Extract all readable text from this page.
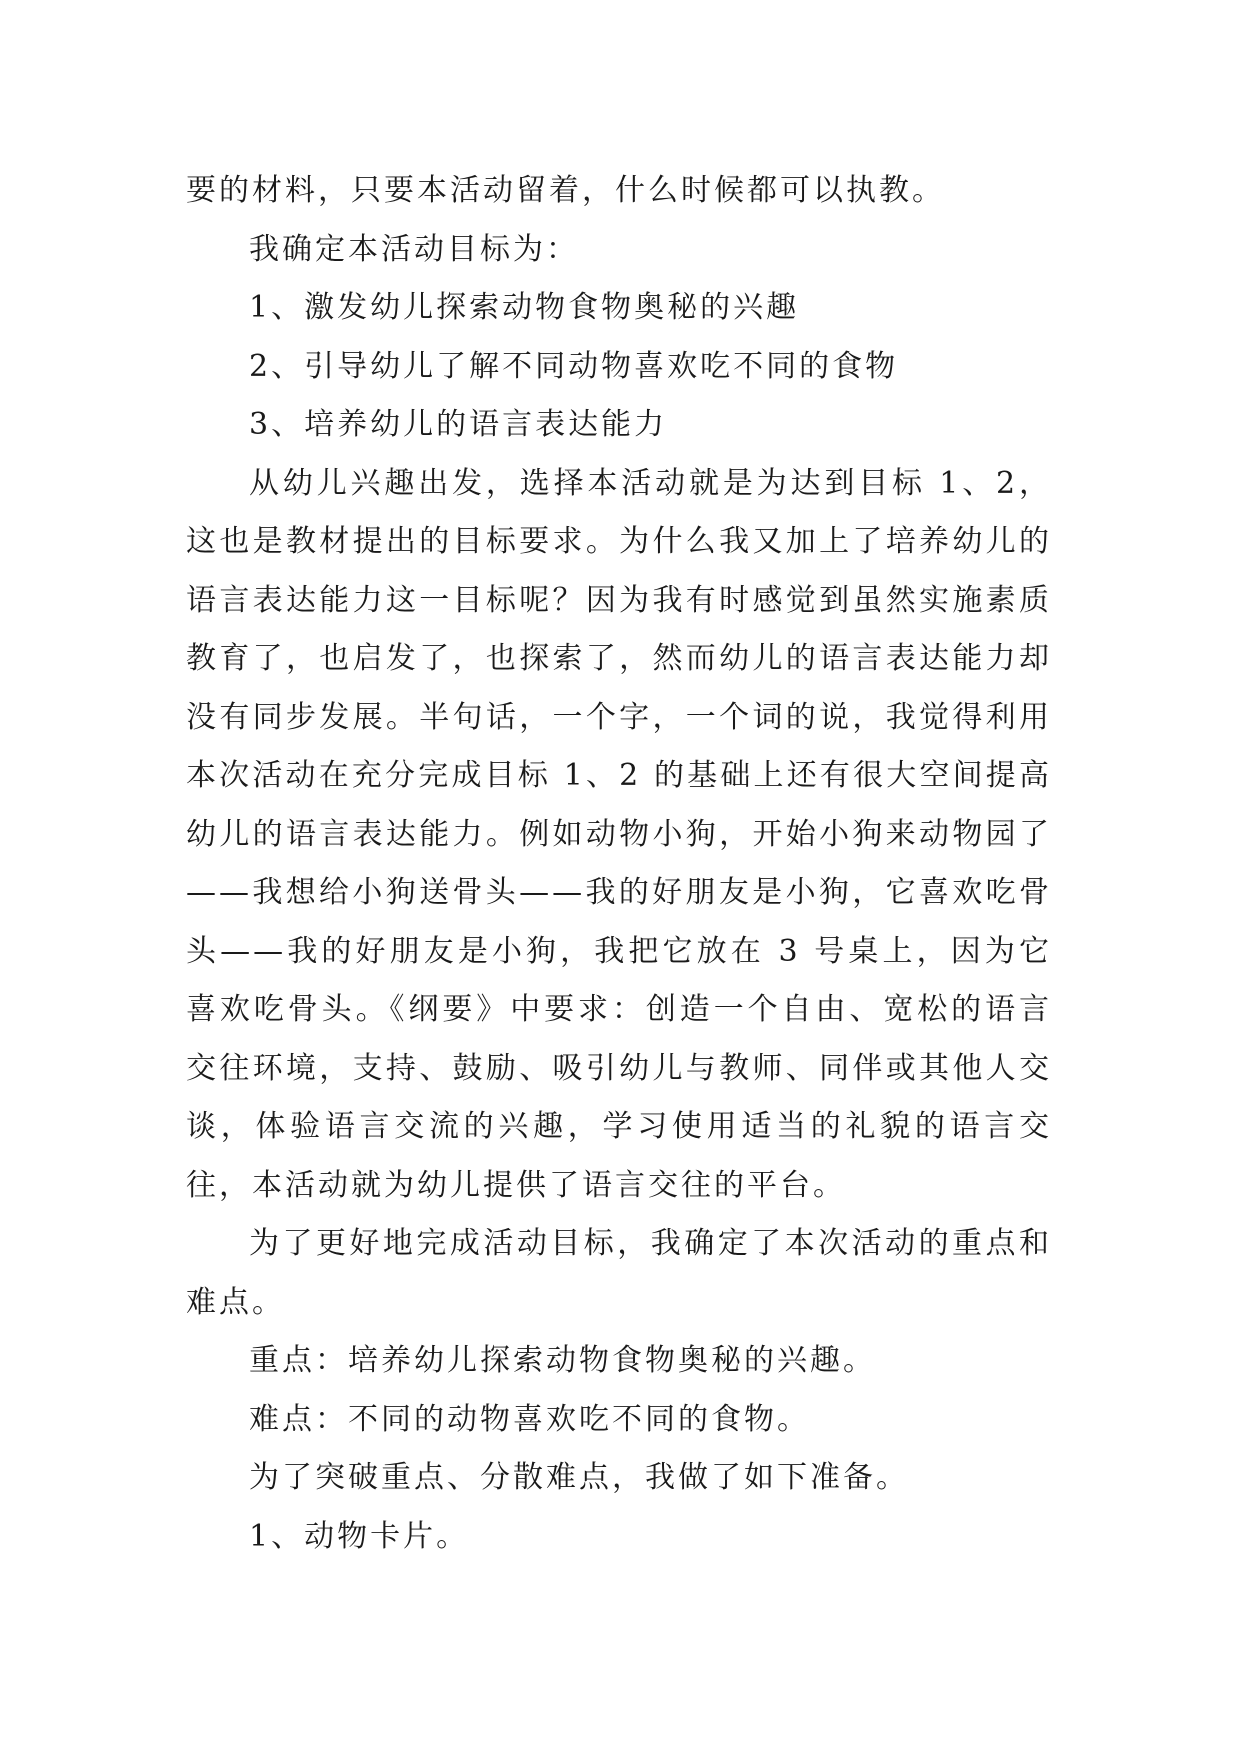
要的材料，只要本活动留着，什么时候都可以执教。

我确定本活动目标为：

1、激发幼儿探索动物食物奥秘的兴趣

2、引导幼儿了解不同动物喜欢吃不同的食物

3、培养幼儿的语言表达能力

从幼儿兴趣出发，选择本活动就是为达到目标 1、2，这也是教材提出的目标要求。为什么我又加上了培养幼儿的语言表达能力这一目标呢？因为我有时感觉到虽然实施素质教育了，也启发了，也探索了，然而幼儿的语言表达能力却没有同步发展。半句话，一个字，一个词的说，我觉得利用本次活动在充分完成目标 1、2 的基础上还有很大空间提高幼儿的语言表达能力。例如动物小狗，开始小狗来动物园了——我想给小狗送骨头——我的好朋友是小狗，它喜欢吃骨头——我的好朋友是小狗，我把它放在 3 号桌上，因为它喜欢吃骨头。《纲要》中要求：创造一个自由、宽松的语言交往环境，支持、鼓励、吸引幼儿与教师、同伴或其他人交谈，体验语言交流的兴趣，学习使用适当的礼貌的语言交往，本活动就为幼儿提供了语言交往的平台。

为了更好地完成活动目标，我确定了本次活动的重点和难点。

重点：培养幼儿探索动物食物奥秘的兴趣。

难点：不同的动物喜欢吃不同的食物。

为了突破重点、分散难点，我做了如下准备。

1、动物卡片。
